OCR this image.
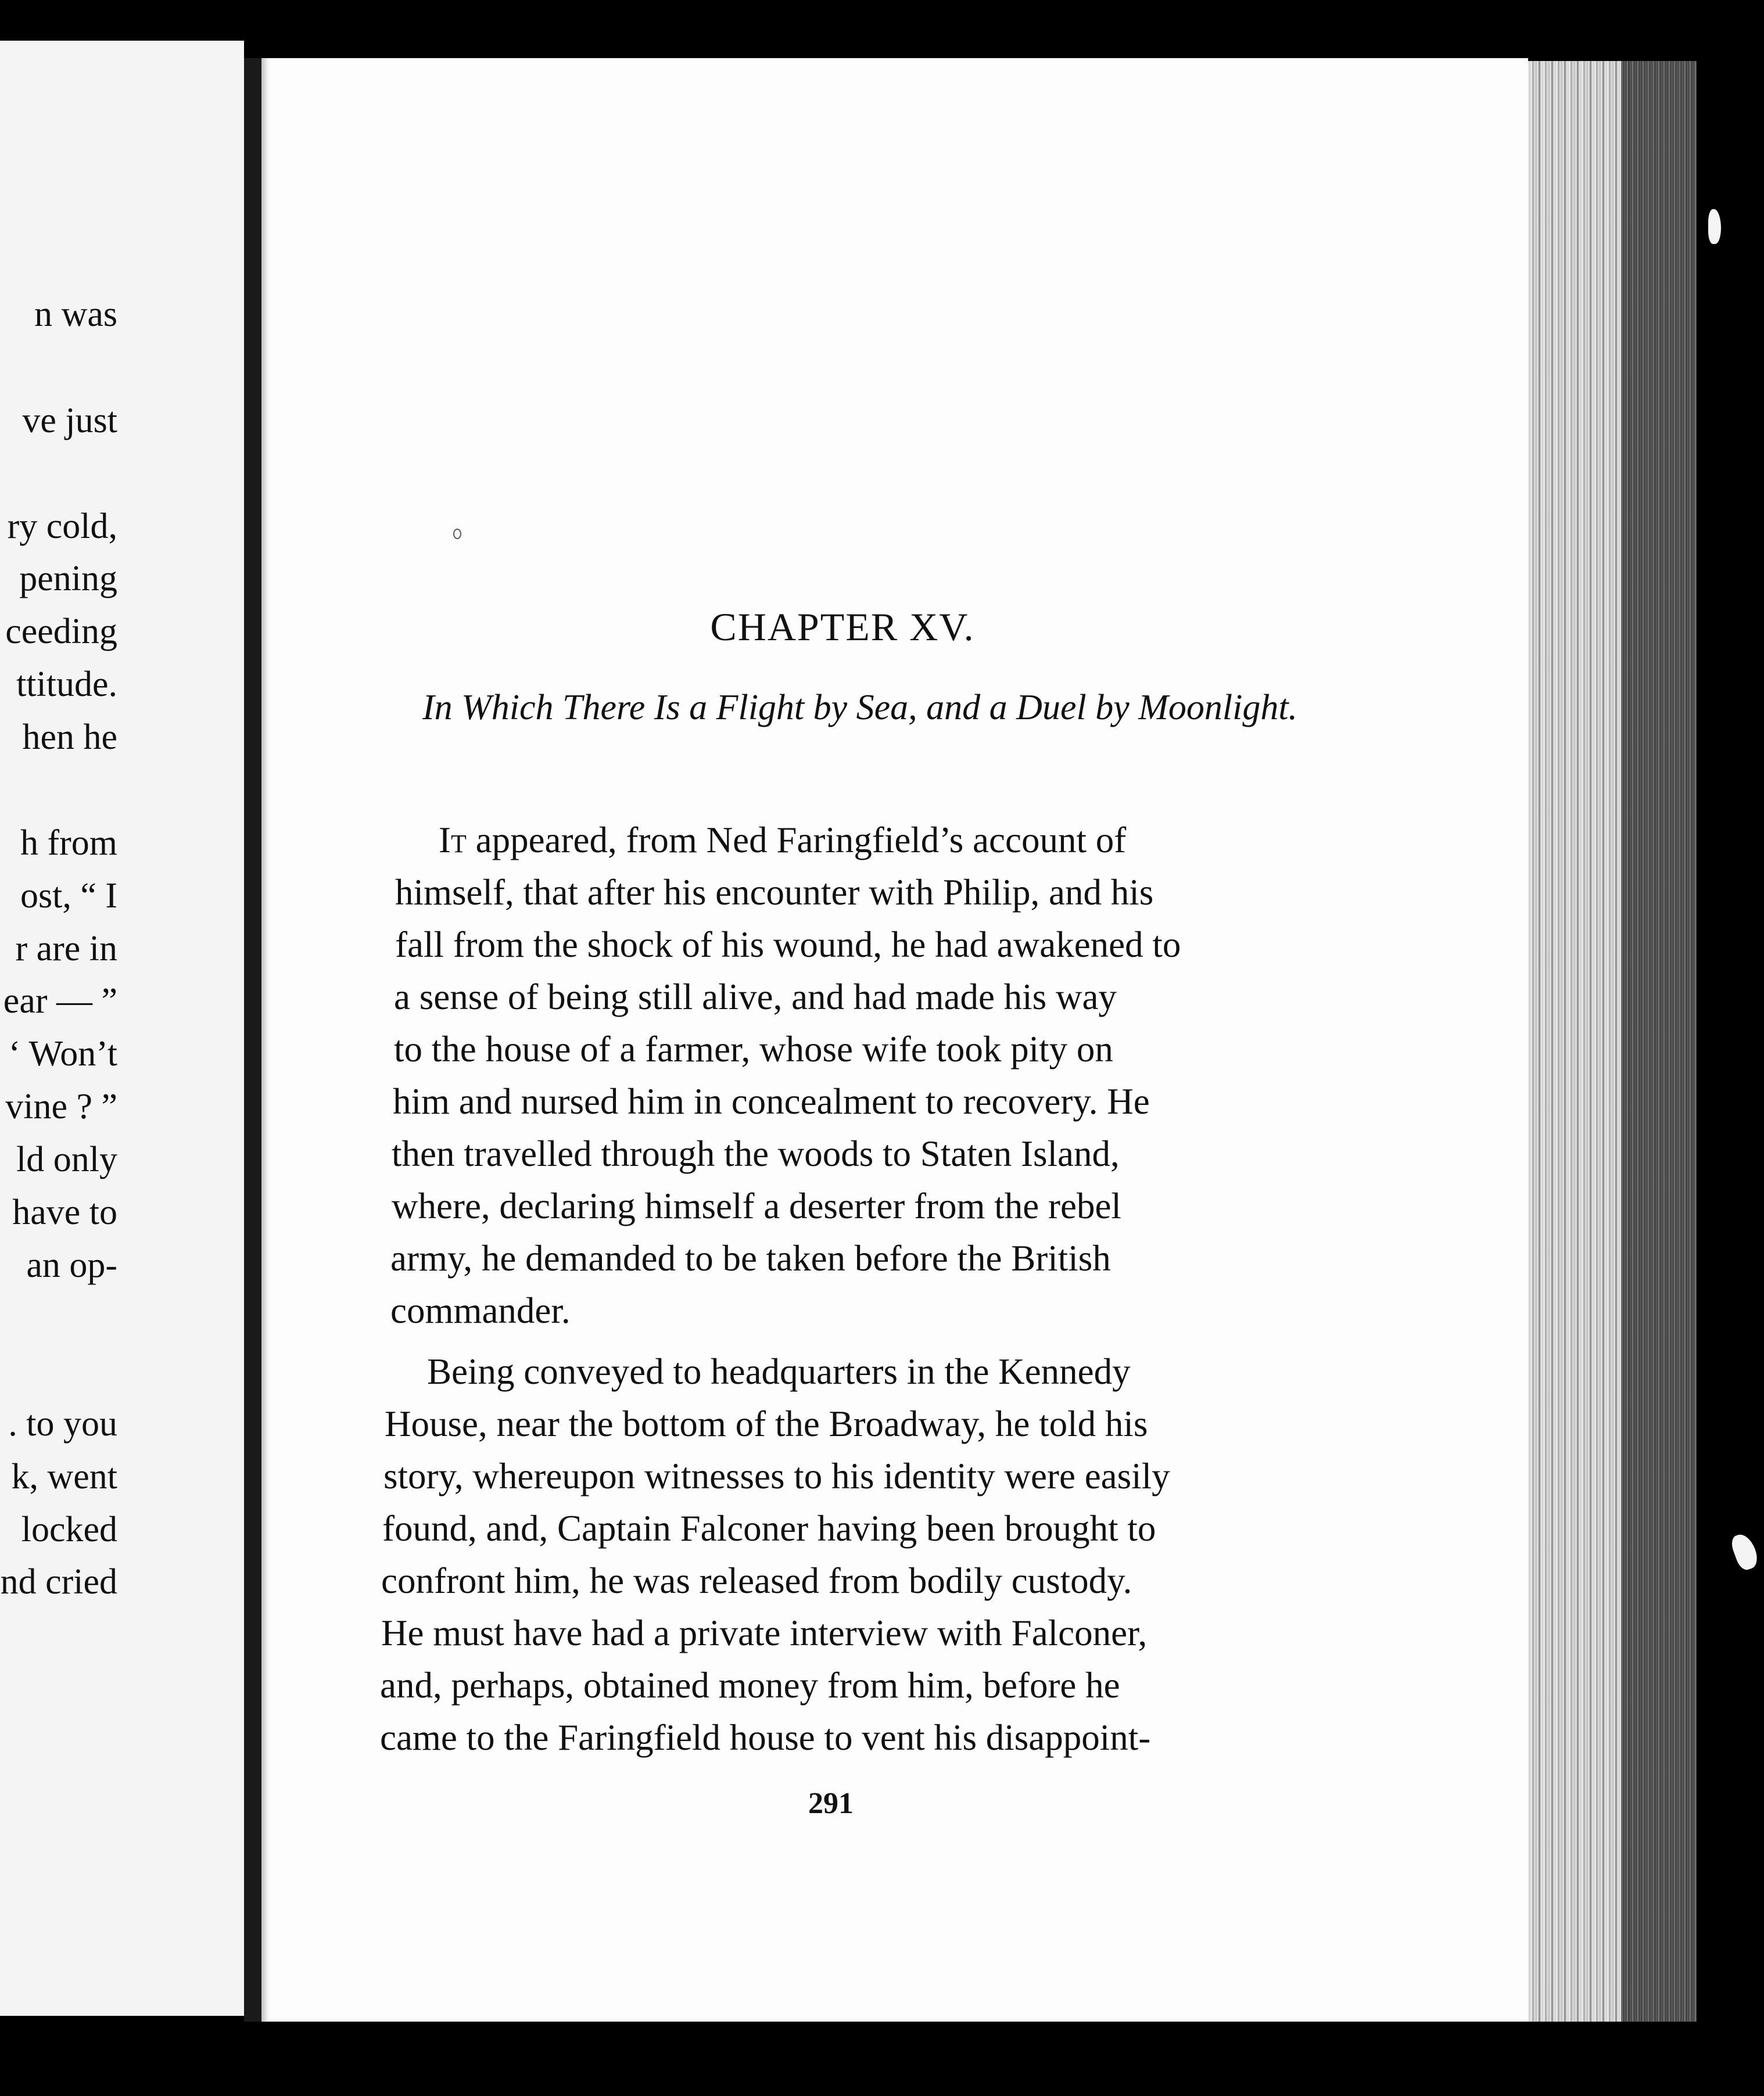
n was
ve just
ry cold,
pening
ceeding
ttitude.
hen he
h from
ost, “ I
r are in
ear — ”
‘ Won’t
vine ? ”
ld only
have to
an op-
. to you
k, went
locked
nd cried
CHAPTER XV.
In Which There Is a Flight by Sea, and a Duel by Moonlight.
It appeared, from Ned Faringfield’s account of
himself, that after his encounter with Philip, and his
fall from the shock of his wound, he had awakened to
a sense of being still alive, and had made his way
to the house of a farmer, whose wife took pity on
him and nursed him in concealment to recovery. He
then travelled through the woods to Staten Island,
where, declaring himself a deserter from the rebel
army, he demanded to be taken before the British
commander.
Being conveyed to headquarters in the Kennedy
House, near the bottom of the Broadway, he told his
story, whereupon witnesses to his identity were easily
found, and, Captain Falconer having been brought to
confront him, he was released from bodily custody.
He must have had a private interview with Falconer,
and, perhaps, obtained money from him, before he
came to the Faringfield house to vent his disappoint-
291
